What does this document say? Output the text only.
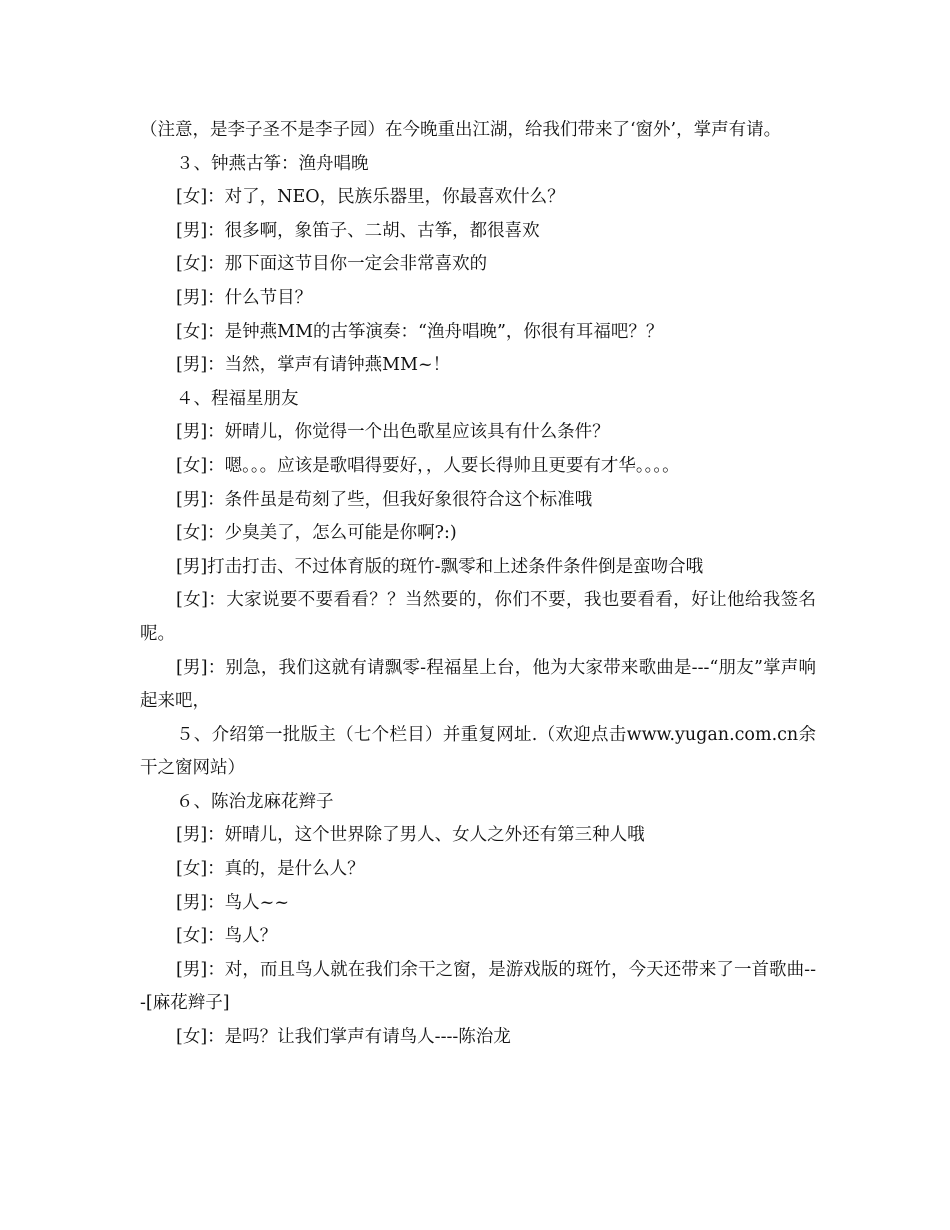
（注意，是李子圣不是李子园）在今晚重出江湖，给我们带来了‘窗外’，掌声有请。

３、钟燕古筝：渔舟唱晚

[女]：对了，NEO，民族乐器里，你最喜欢什么？

[男]：很多啊，象笛子、二胡、古筝，都很喜欢

[女]：那下面这节目你一定会非常喜欢的

[男]：什么节目？

[女]：是钟燕MM的古筝演奏：“渔舟唱晚”，你很有耳福吧？？

[男]：当然，掌声有请钟燕MM~！

４、程福星朋友

[男]：妍晴儿，你觉得一个出色歌星应该具有什么条件？

[女]：嗯。。。应该是歌唱得要好，，人要长得帅且更要有才华。。。。

[男]：条件虽是苟刻了些，但我好象很符合这个标准哦

[女]：少臭美了，怎么可能是你啊?:)

[男]打击打击、不过体育版的斑竹-飘零和上述条件条件倒是蛮吻合哦

[女]：大家说要不要看看？？当然要的，你们不要，我也要看看，好让他给我签名呢。

[男]：别急，我们这就有请飘零-程福星上台，他为大家带来歌曲是---“朋友”掌声响起来吧，

５、介绍第一批版主（七个栏目）并重复网址.（欢迎点击www.yugan.com.cn余干之窗网站）

６、陈治龙麻花辫子

[男]：妍晴儿，这个世界除了男人、女人之外还有第三种人哦

[女]：真的，是什么人？

[男]：鸟人~~

[女]：鸟人？

[男]：对，而且鸟人就在我们余干之窗，是游戏版的斑竹，今天还带来了一首歌曲---[麻花辫子]

[女]：是吗？让我们掌声有请鸟人----陈治龙
